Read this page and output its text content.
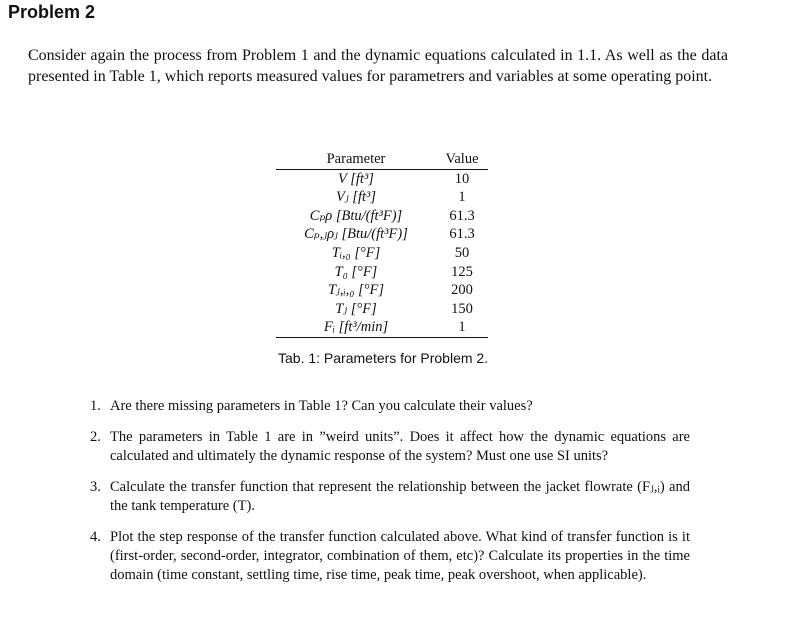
Problem 2

Consider again the process from Problem 1 and the dynamic equations calculated in 1.1. As well as the data presented in Table 1, which reports measured values for parametrers and variables at some operating point.

Parameter	Value
V [ft³]	10
Vⱼ [ft³]	1
Cₚρ [Btu/(ft³F)]	61.3
Cₚ,ⱼρⱼ [Btu/(ft³F)]	61.3
Tᵢ,₀ [°F]	50
T₀ [°F]	125
Tⱼ,ᵢ,₀ [°F]	200
Tⱼ [°F]	150
Fᵢ [ft³/min]	1
Tab. 1: Parameters for Problem 2.
1. Are there missing parameters in Table 1? Can you calculate their values?
2. The parameters in Table 1 are in ”weird units”. Does it affect how the dynamic equations are calculated and ultimately the dynamic response of the system? Must one use SI units?
3. Calculate the transfer function that represent the relationship between the jacket flowrate (Fⱼ,ᵢ) and the tank temperature (T).
4. Plot the step response of the transfer function calculated above. What kind of transfer function is it (first-order, second-order, integrator, combination of them, etc)? Calculate its properties in the time domain (time constant, settling time, rise time, peak time, peak overshoot, when applicable).
